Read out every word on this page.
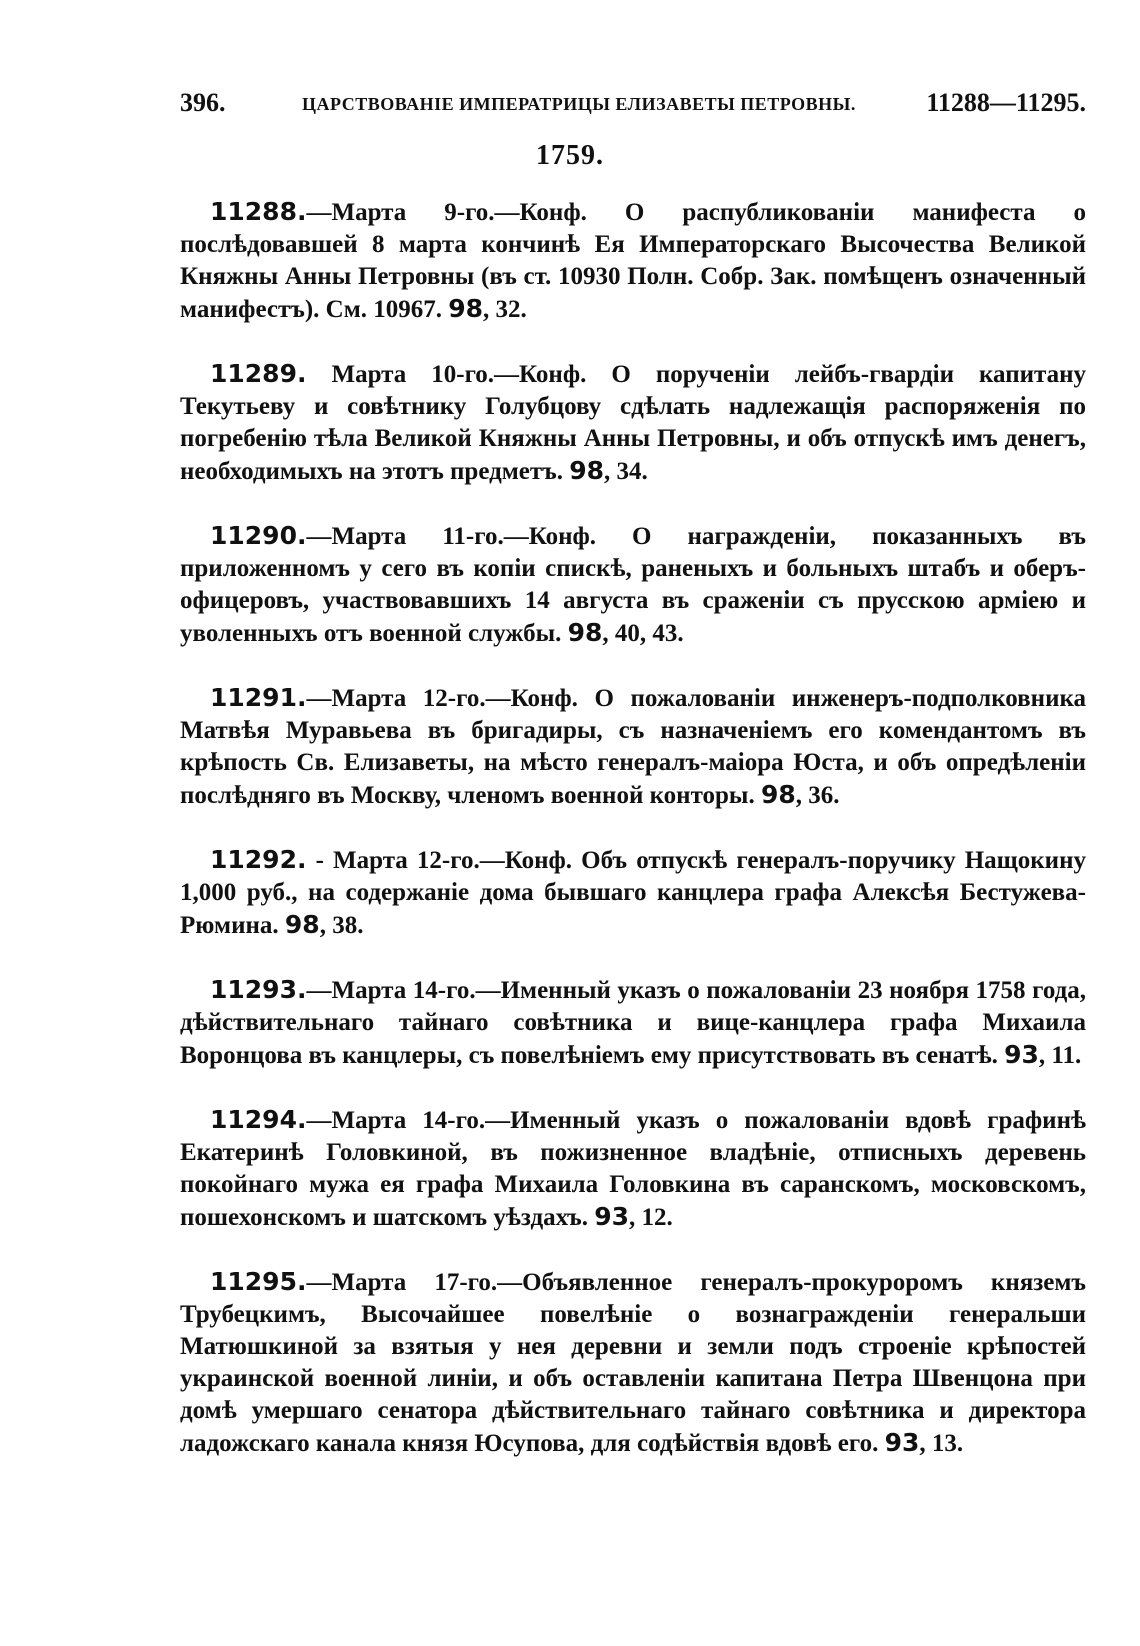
396.	ЦАРСТВОВАНІЕ ИМПЕРАТРИЦЫ ЕЛИЗАВЕТЫ ПЕТРОВНЫ.	11288—11295.
1759.

11288.—Марта 9-го.—Конф. О распубликованіи манифеста о послѣдовавшей 8 марта кончинѣ Ея Императорскаго Высочества Великой Княжны Анны Петровны (въ ст. 10930 Полн. Собр. Зак. помѣщенъ означенный манифестъ). См. 10967. 98, 32.

11289. Марта 10-го.—Конф. О порученіи лейбъ-гвардіи капитану Текутьеву и совѣтнику Голубцову сдѣлать надлежащія распоряженія по погребенію тѣла Великой Княжны Анны Петровны, и объ отпускѣ имъ денегъ, необходимыхъ на этотъ предметъ. 98, 34.

11290.—Марта 11-го.—Конф. О награжденіи, показанныхъ въ приложенномъ у сего въ копіи спискѣ, раненыхъ и больныхъ штабъ и оберъ-офицеровъ, участвовавшихъ 14 августа въ сраженіи съ прусскою арміею и уволенныхъ отъ военной службы. 98, 40, 43.

11291.—Марта 12-го.—Конф. О пожалованіи инженеръ-подполковника Матвѣя Муравьева въ бригадиры, съ назначеніемъ его комендантомъ въ крѣпость Св. Елизаветы, на мѣсто генералъ-маіора Юста, и объ опредѣленіи послѣдняго въ Москву, членомъ военной конторы. 98, 36.

11292. - Марта 12-го.—Конф. Объ отпускѣ генералъ-поручику Нащокину 1,000 руб., на содержаніе дома бывшаго канцлера графа Алексѣя Бестужева-Рюмина. 98, 38.

11293.—Марта 14-го.—Именный указъ о пожалованіи 23 ноября 1758 года, дѣйствительнаго тайнаго совѣтника и вице-канцлера графа Михаила Воронцова въ канцлеры, съ повелѣніемъ ему присутствовать въ сенатѣ. 93, 11.

11294.—Марта 14-го.—Именный указъ о пожалованіи вдовѣ графинѣ Екатеринѣ Головкиной, въ пожизненное владѣніе, отписныхъ деревень покойнаго мужа ея графа Михаила Головкина въ саранскомъ, московскомъ, пошехонскомъ и шатскомъ уѣздахъ. 93, 12.

11295.—Марта 17-го.—Объявленное генералъ-прокуроромъ княземъ Трубецкимъ, Высочайшее повелѣніе о вознагражденіи генеральши Матюшкиной за взятыя у нея деревни и земли подъ строеніе крѣпостей украинской военной линіи, и объ оставленіи капитана Петра Швенцона при домѣ умершаго сенатора дѣйствительнаго тайнаго совѣтника и директора ладожскаго канала князя Юсупова, для содѣйствія вдовѣ его. 93, 13.
